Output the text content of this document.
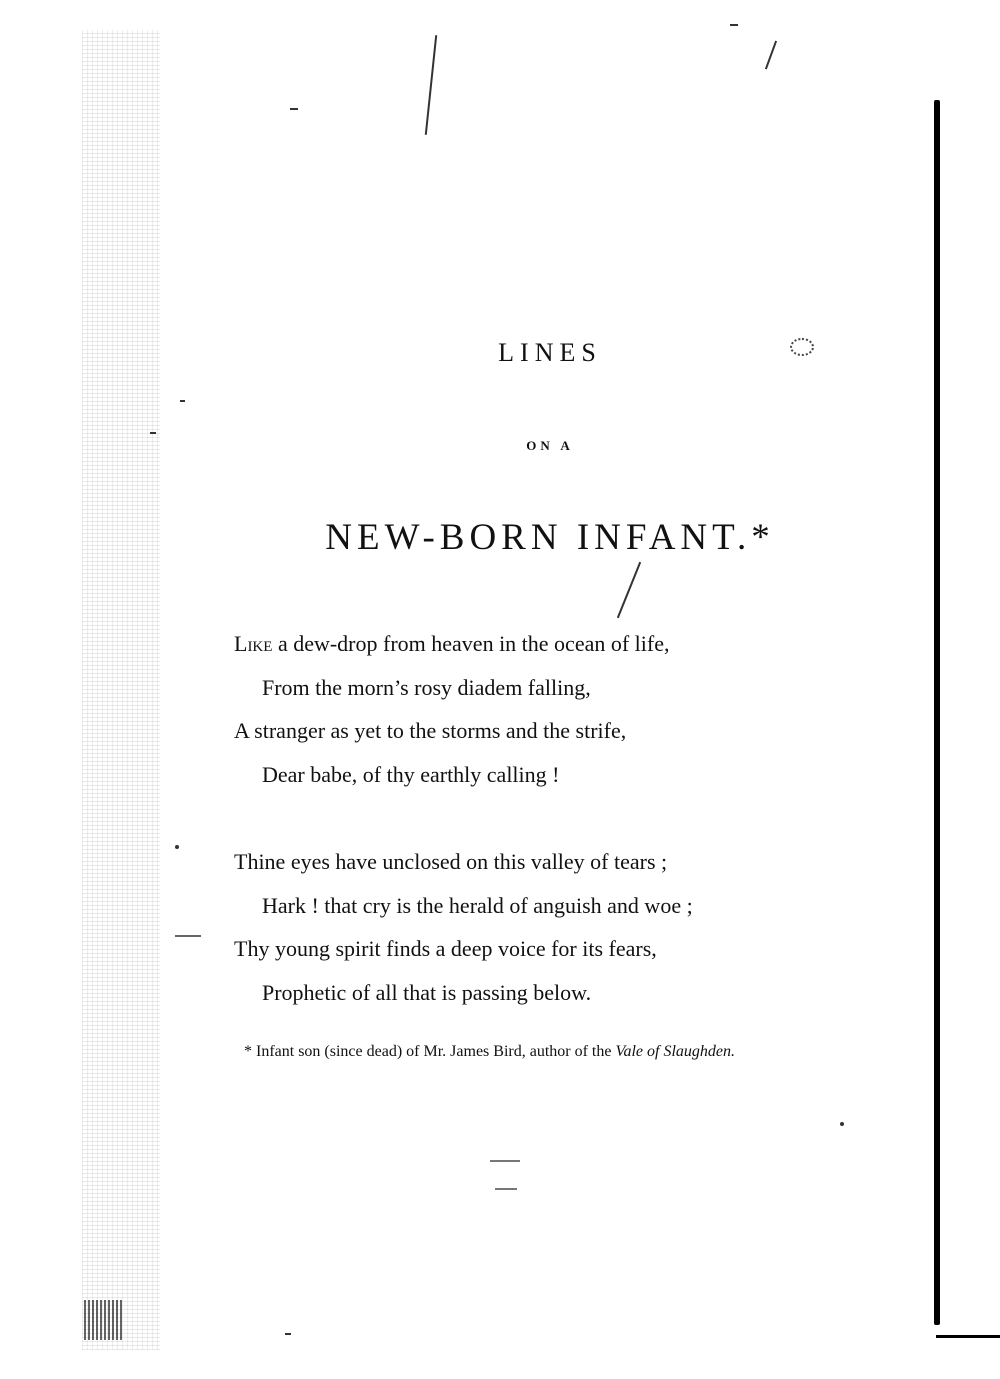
LINES
ON A
NEW-BORN INFANT.*
Like a dew-drop from heaven in the ocean of life,
From the morn’s rosy diadem falling,
A stranger as yet to the storms and the strife,
Dear babe, of thy earthly calling !
Thine eyes have unclosed on this valley of tears ;
Hark ! that cry is the herald of anguish and woe ;
Thy young spirit finds a deep voice for its fears,
Prophetic of all that is passing below.
* Infant son (since dead) of Mr. James Bird, author of the Vale of Slaughden.
